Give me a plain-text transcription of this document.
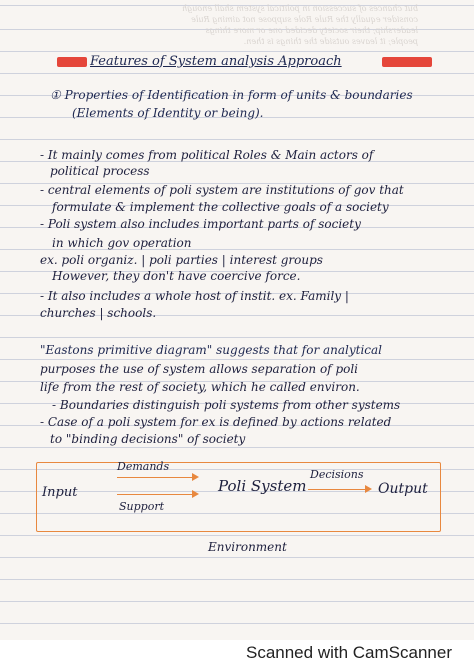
but chances of succession in political system shall enough
consider equally the Rule Role suppose not aiming Rule
leadership; their society decided one or more things
people; it leaves outside the things is then.

Features of System analysis Approach

① Properties of Identification in form of units & boundaries

(Elements of Identity or being).

- It mainly comes from political Roles & Main actors of

political process

- central elements of poli system are institutions of gov that

formulate & implement the collective goals of a society

- Poli system also includes important parts of society

in which gov operation

ex. poli organiz. | poli parties | interest groups

However, they don't have coercive force.

- It also includes a whole host of instit. ex. Family |

churches | schools.

"Eastons primitive diagram" suggests that for analytical

purposes the use of system allows separation of poli

life from the rest of society, which he called environ.

- Boundaries distinguish poli systems from other systems

- Case of a poli system for ex is defined by actions related

to "binding decisions" of society

Input
Demands
Support
Poli System
Decisions
Output
Environment
Scanned with CamScanner
